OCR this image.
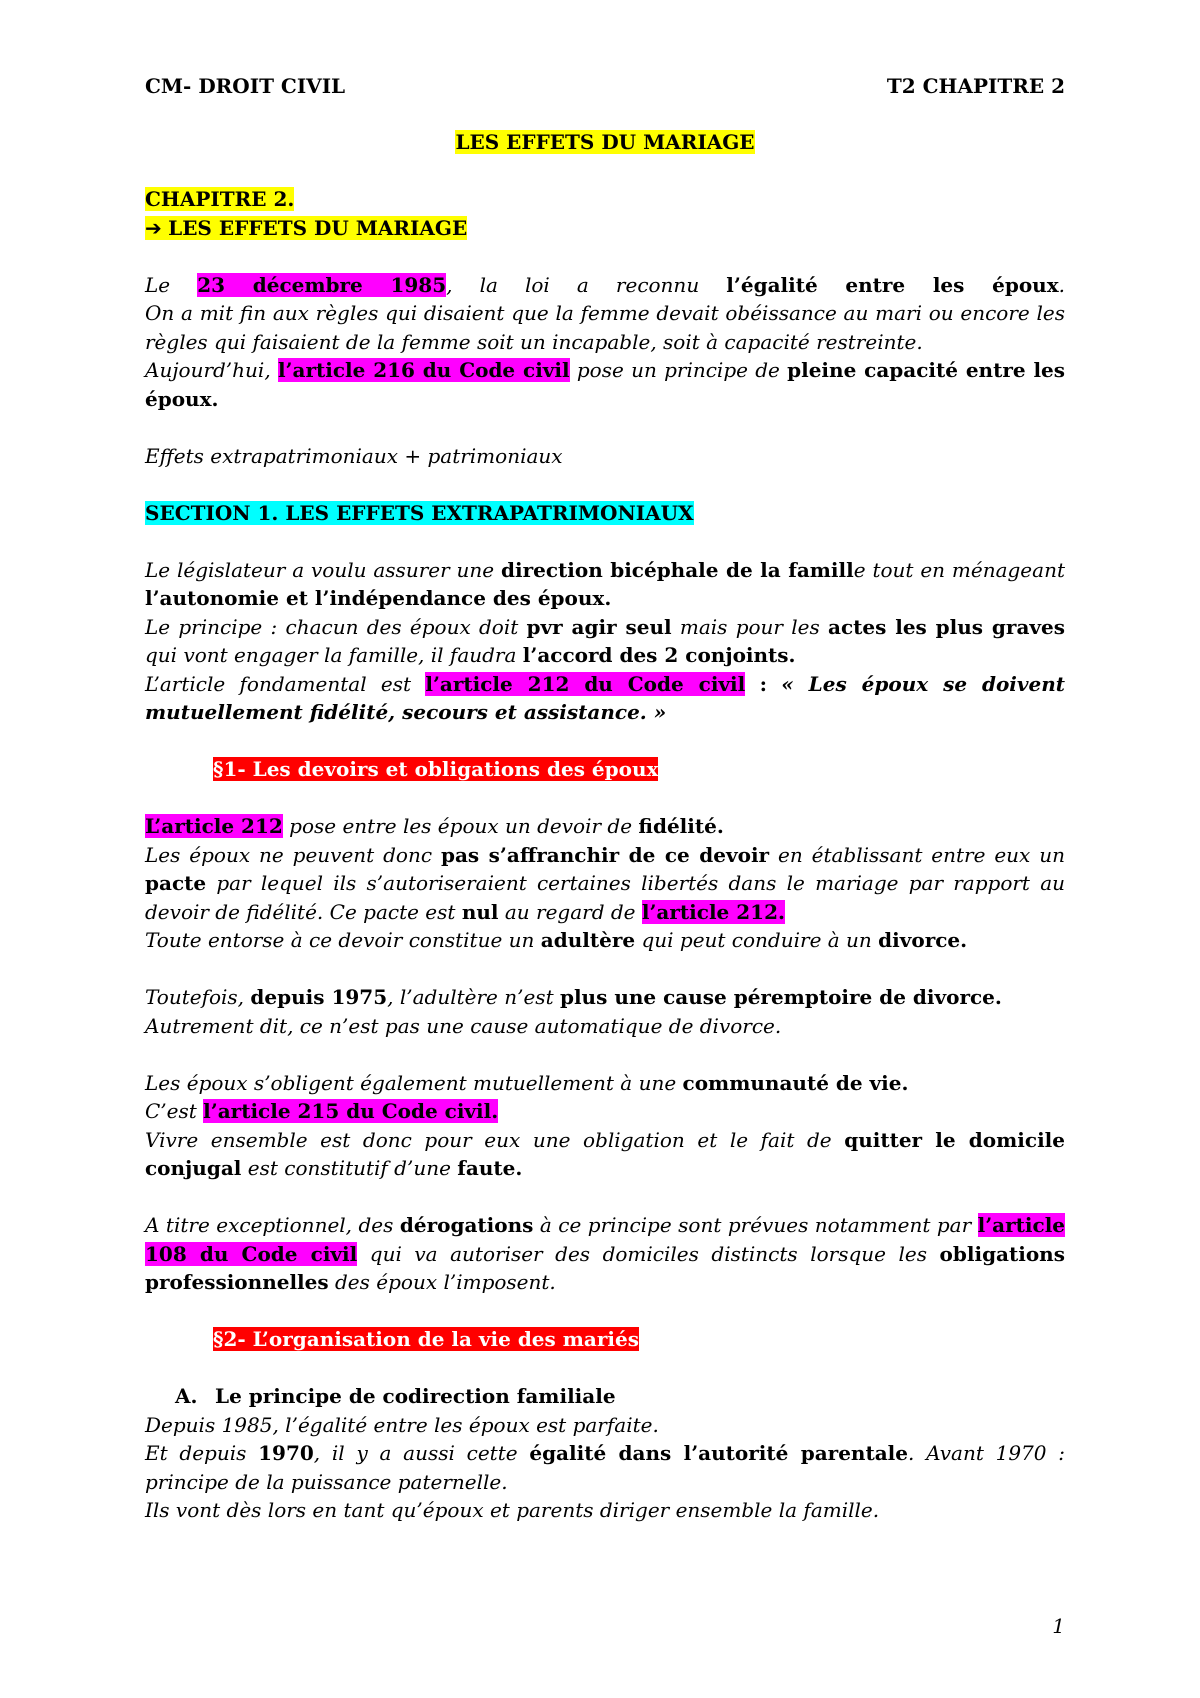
CM- DROIT CIVIL	T2 CHAPITRE 2
LES EFFETS DU MARIAGE
CHAPITRE 2.
➔ LES EFFETS DU MARIAGE
Le 23 décembre 1985, la loi a reconnu l’égalité entre les époux.
On a mit fin aux règles qui disaient que la femme devait obéissance au mari ou encore les règles qui faisaient de la femme soit un incapable, soit à capacité restreinte.
Aujourd’hui, l’article 216 du Code civil pose un principe de pleine capacité entre les époux.
Effets extrapatrimoniaux + patrimoniaux
SECTION 1. LES EFFETS EXTRAPATRIMONIAUX
Le législateur a voulu assurer une direction bicéphale de la famille tout en ménageant l’autonomie et l’indépendance des époux.
Le principe : chacun des époux doit pvr agir seul mais pour les actes les plus graves qui vont engager la famille, il faudra l’accord des 2 conjoints.
L’article fondamental est l’article 212 du Code civil : « Les époux se doivent mutuellement fidélité, secours et assistance. »
§1- Les devoirs et obligations des époux
L’article 212 pose entre les époux un devoir de fidélité.
Les époux ne peuvent donc pas s’affranchir de ce devoir en établissant entre eux un pacte par lequel ils s’autoriseraient certaines libertés dans le mariage par rapport au devoir de fidélité. Ce pacte est nul au regard de l’article 212.
Toute entorse à ce devoir constitue un adultère qui peut conduire à un divorce.
Toutefois, depuis 1975, l’adultère n’est plus une cause péremptoire de divorce.
Autrement dit, ce n’est pas une cause automatique de divorce.
Les époux s’obligent également mutuellement à une communauté de vie.
C’est l’article 215 du Code civil.
Vivre ensemble est donc pour eux une obligation et le fait de quitter le domicile conjugal est constitutif d’une faute.
A titre exceptionnel, des dérogations à ce principe sont prévues notamment par l’article 108 du Code civil qui va autoriser des domiciles distincts lorsque les obligations professionnelles des époux l’imposent.
§2- L’organisation de la vie des mariés
A. Le principe de codirection familiale
Depuis 1985, l’égalité entre les époux est parfaite.
Et depuis 1970, il y a aussi cette égalité dans l’autorité parentale. Avant 1970 : principe de la puissance paternelle.
Ils vont dès lors en tant qu’époux et parents diriger ensemble la famille.
1
